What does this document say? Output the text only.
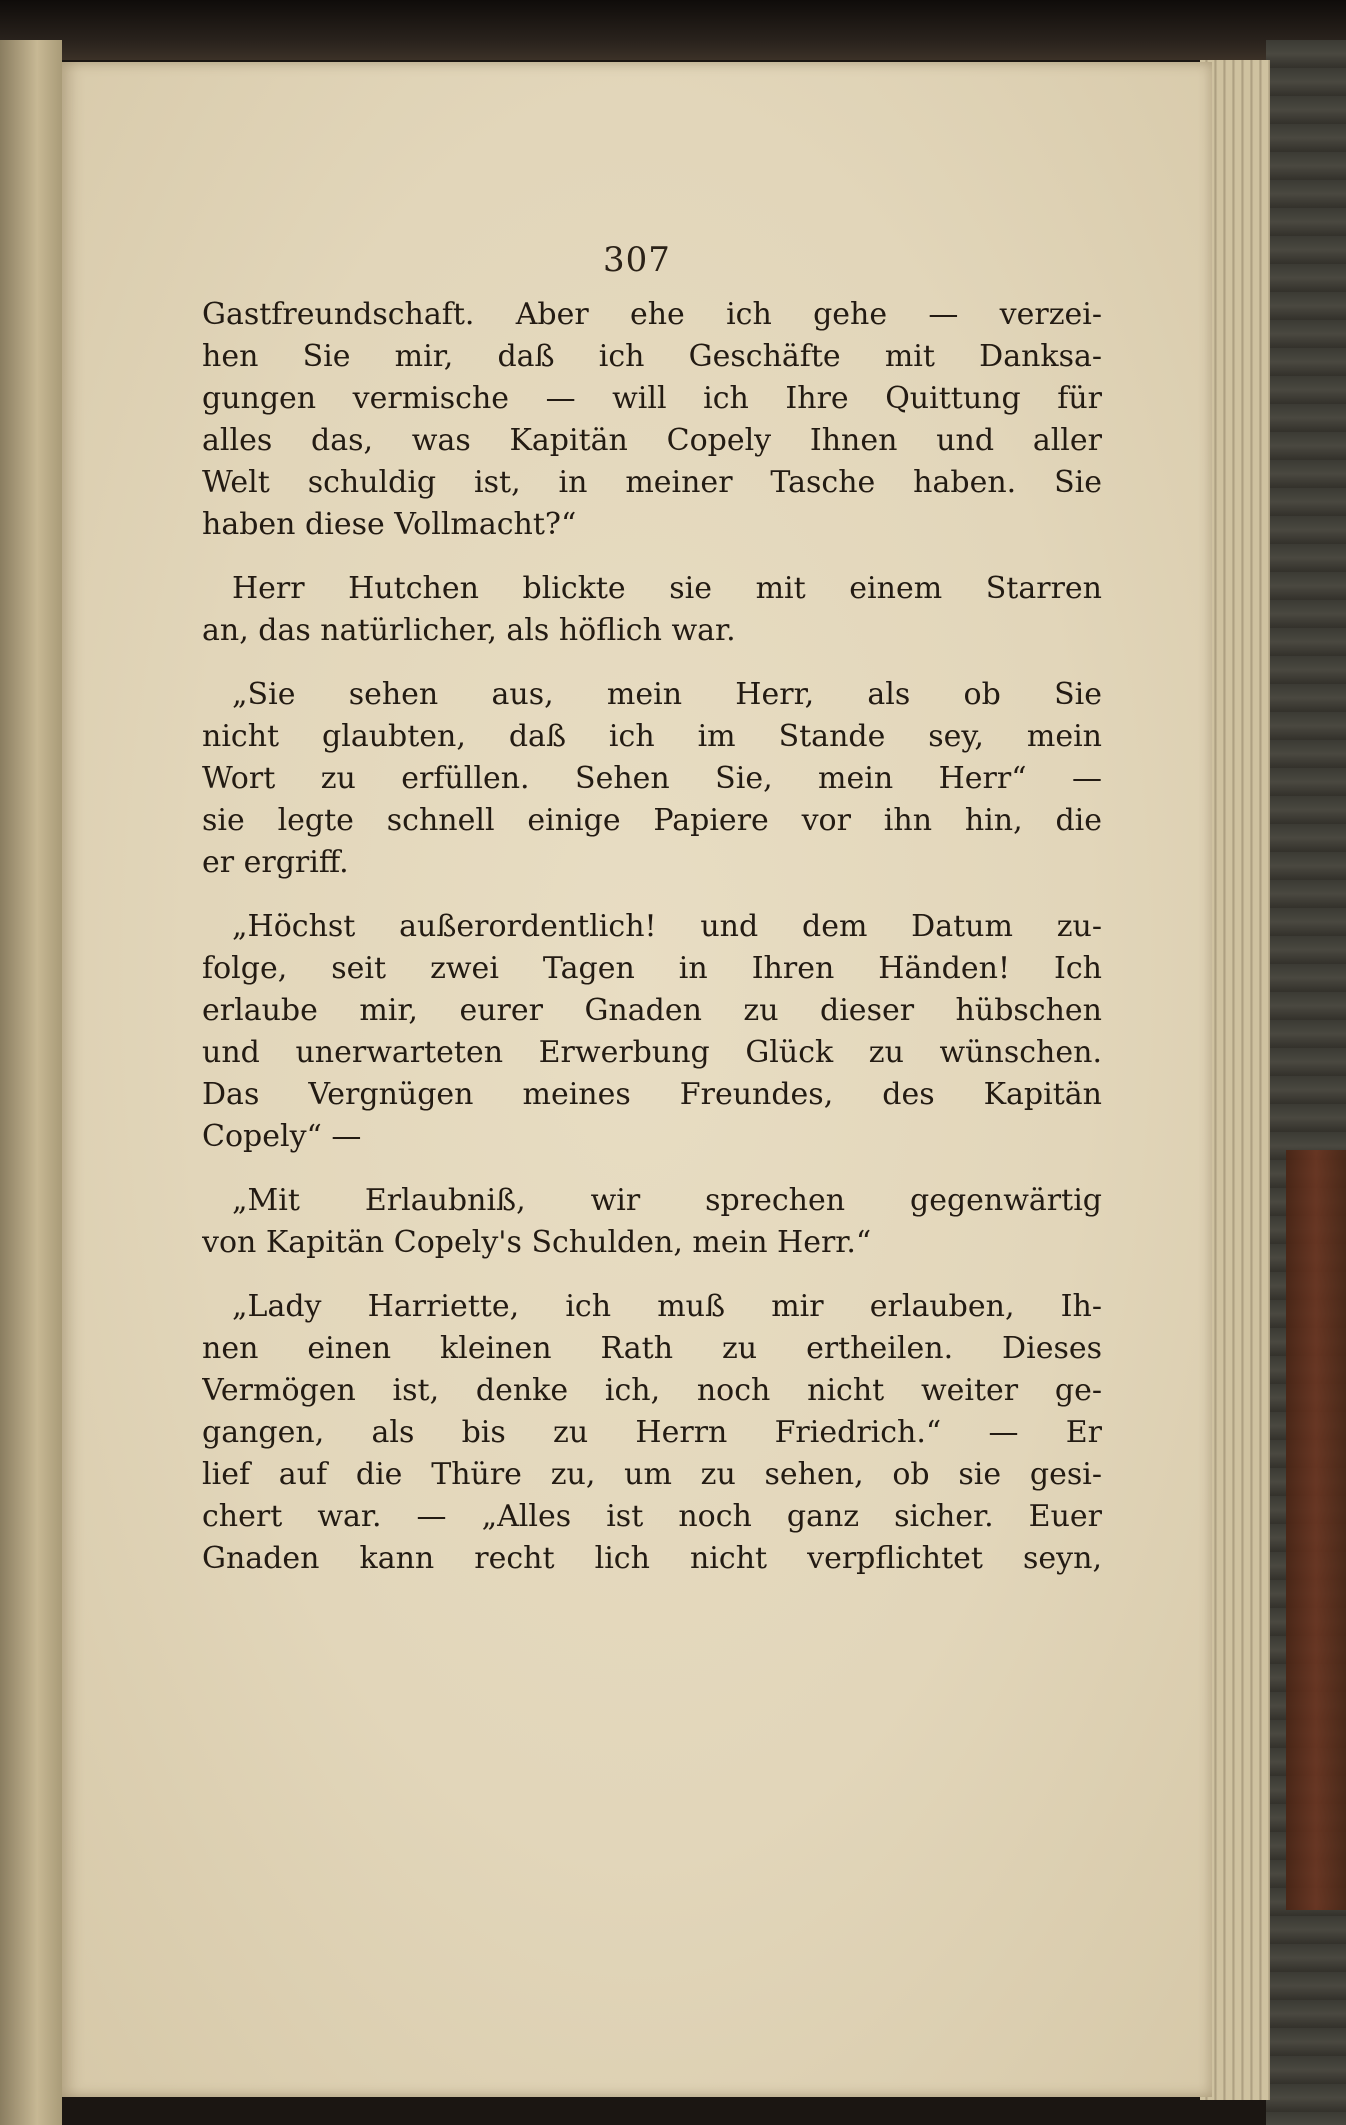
307
Gastfreundschaft. Aber ehe ich gehe — verzei-
hen Sie mir, daß ich Geschäfte mit Danksa-
gungen vermische — will ich Ihre Quittung für
alles das, was Kapitän Copely Ihnen und aller
Welt schuldig ist, in meiner Tasche haben. Sie
haben diese Vollmacht?“
Herr Hutchen blickte sie mit einem Starren
an, das natürlicher, als höflich war.
„Sie sehen aus, mein Herr, als ob Sie
nicht glaubten, daß ich im Stande sey, mein
Wort zu erfüllen. Sehen Sie, mein Herr“ —
sie legte schnell einige Papiere vor ihn hin, die
er ergriff.
„Höchst außerordentlich! und dem Datum zu-
folge, seit zwei Tagen in Ihren Händen! Ich
erlaube mir, eurer Gnaden zu dieser hübschen
und unerwarteten Erwerbung Glück zu wünschen.
Das Vergnügen meines Freundes, des Kapitän
Copely“ —
„Mit Erlaubniß, wir sprechen gegenwärtig
von Kapitän Copely's Schulden, mein Herr.“
„Lady Harriette, ich muß mir erlauben, Ih-
nen einen kleinen Rath zu ertheilen. Dieses
Vermögen ist, denke ich, noch nicht weiter ge-
gangen, als bis zu Herrn Friedrich.“ — Er
lief auf die Thüre zu, um zu sehen, ob sie gesi-
chert war. — „Alles ist noch ganz sicher. Euer
Gnaden kann recht lich nicht verpflichtet seyn,
